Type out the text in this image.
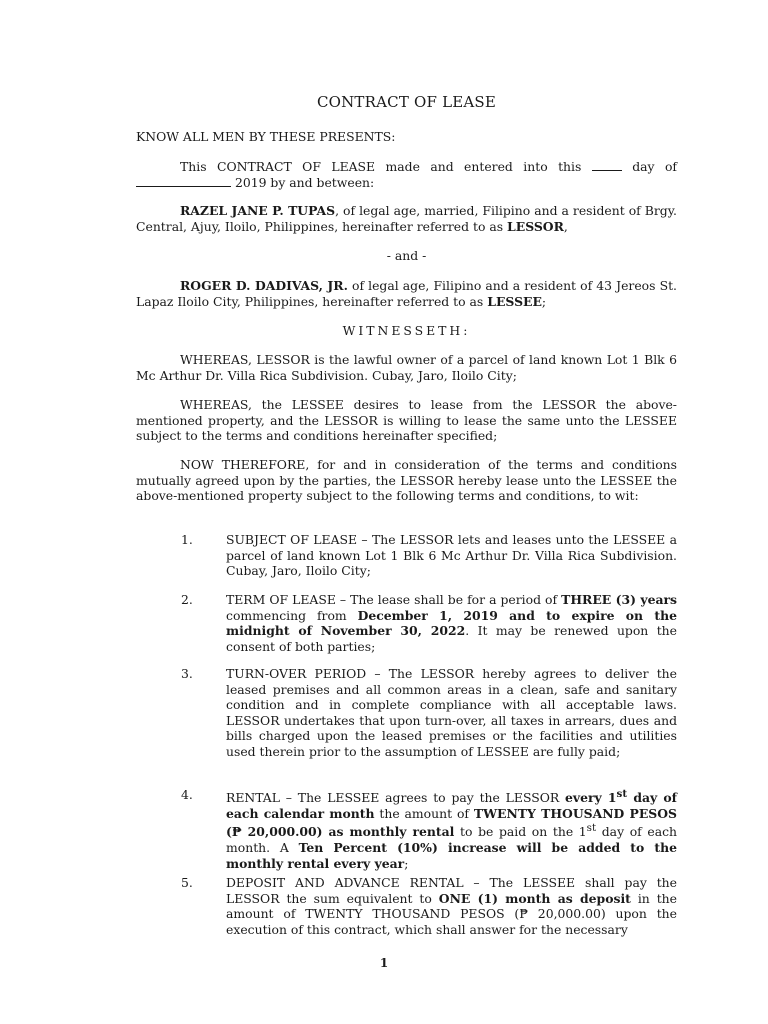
CONTRACT OF LEASE

KNOW ALL MEN BY THESE PRESENTS:

This CONTRACT OF LEASE made and entered into this	day of  2019 by and between:

RAZEL JANE P. TUPAS, of legal age, married, Filipino and a resident of Brgy. Central, Ajuy, Iloilo, Philippines, hereinafter referred to as LESSOR,

- and -

ROGER D. DADIVAS, JR. of legal age, Filipino and a resident of 43 Jereos St. Lapaz Iloilo City, Philippines, hereinafter referred to as LESSEE;

WITNESSETH:

WHEREAS, LESSOR is the lawful owner of a parcel of land known Lot 1 Blk 6 Mc Arthur Dr. Villa Rica Subdivision. Cubay, Jaro, Iloilo City;

WHEREAS, the LESSEE desires to lease from the LESSOR the above-mentioned property, and the LESSOR is willing to lease the same unto the LESSEE subject to the terms and conditions hereinafter specified;

NOW THEREFORE, for and in consideration of the terms and conditions mutually agreed upon by the parties, the LESSOR hereby lease unto the LESSEE the above-mentioned property subject to the following terms and conditions, to wit:

1.	SUBJECT OF LEASE – The LESSOR lets and leases unto the LESSEE a parcel of land known Lot 1 Blk 6 Mc Arthur Dr. Villa Rica Subdivision. Cubay, Jaro, Iloilo City;

2.	TERM OF LEASE – The lease shall be for a period of THREE (3) years commencing from December 1, 2019 and to expire on the midnight of November 30, 2022. It may be renewed upon the consent of both parties;

3.	TURN-OVER PERIOD – The LESSOR hereby agrees to deliver the leased premises and all common areas in a clean, safe and sanitary condition and in complete compliance with all acceptable laws. LESSOR undertakes that upon turn-over, all taxes in arrears, dues and bills charged upon the leased premises or the facilities and utilities used therein prior to the assumption of LESSEE are fully paid;

4.	RENTAL – The LESSEE agrees to pay the LESSOR every 1st day of each calendar month the amount of TWENTY THOUSAND PESOS (₱ 20,000.00) as monthly rental to be paid on the 1st day of each month. A Ten Percent (10%) increase will be added to the monthly rental every year;

5.	DEPOSIT AND ADVANCE RENTAL – The LESSEE shall pay the LESSOR the sum equivalent to ONE (1) month as deposit in the amount of TWENTY THOUSAND PESOS (₱ 20,000.00) upon the execution of this contract, which shall answer for the necessary

1
